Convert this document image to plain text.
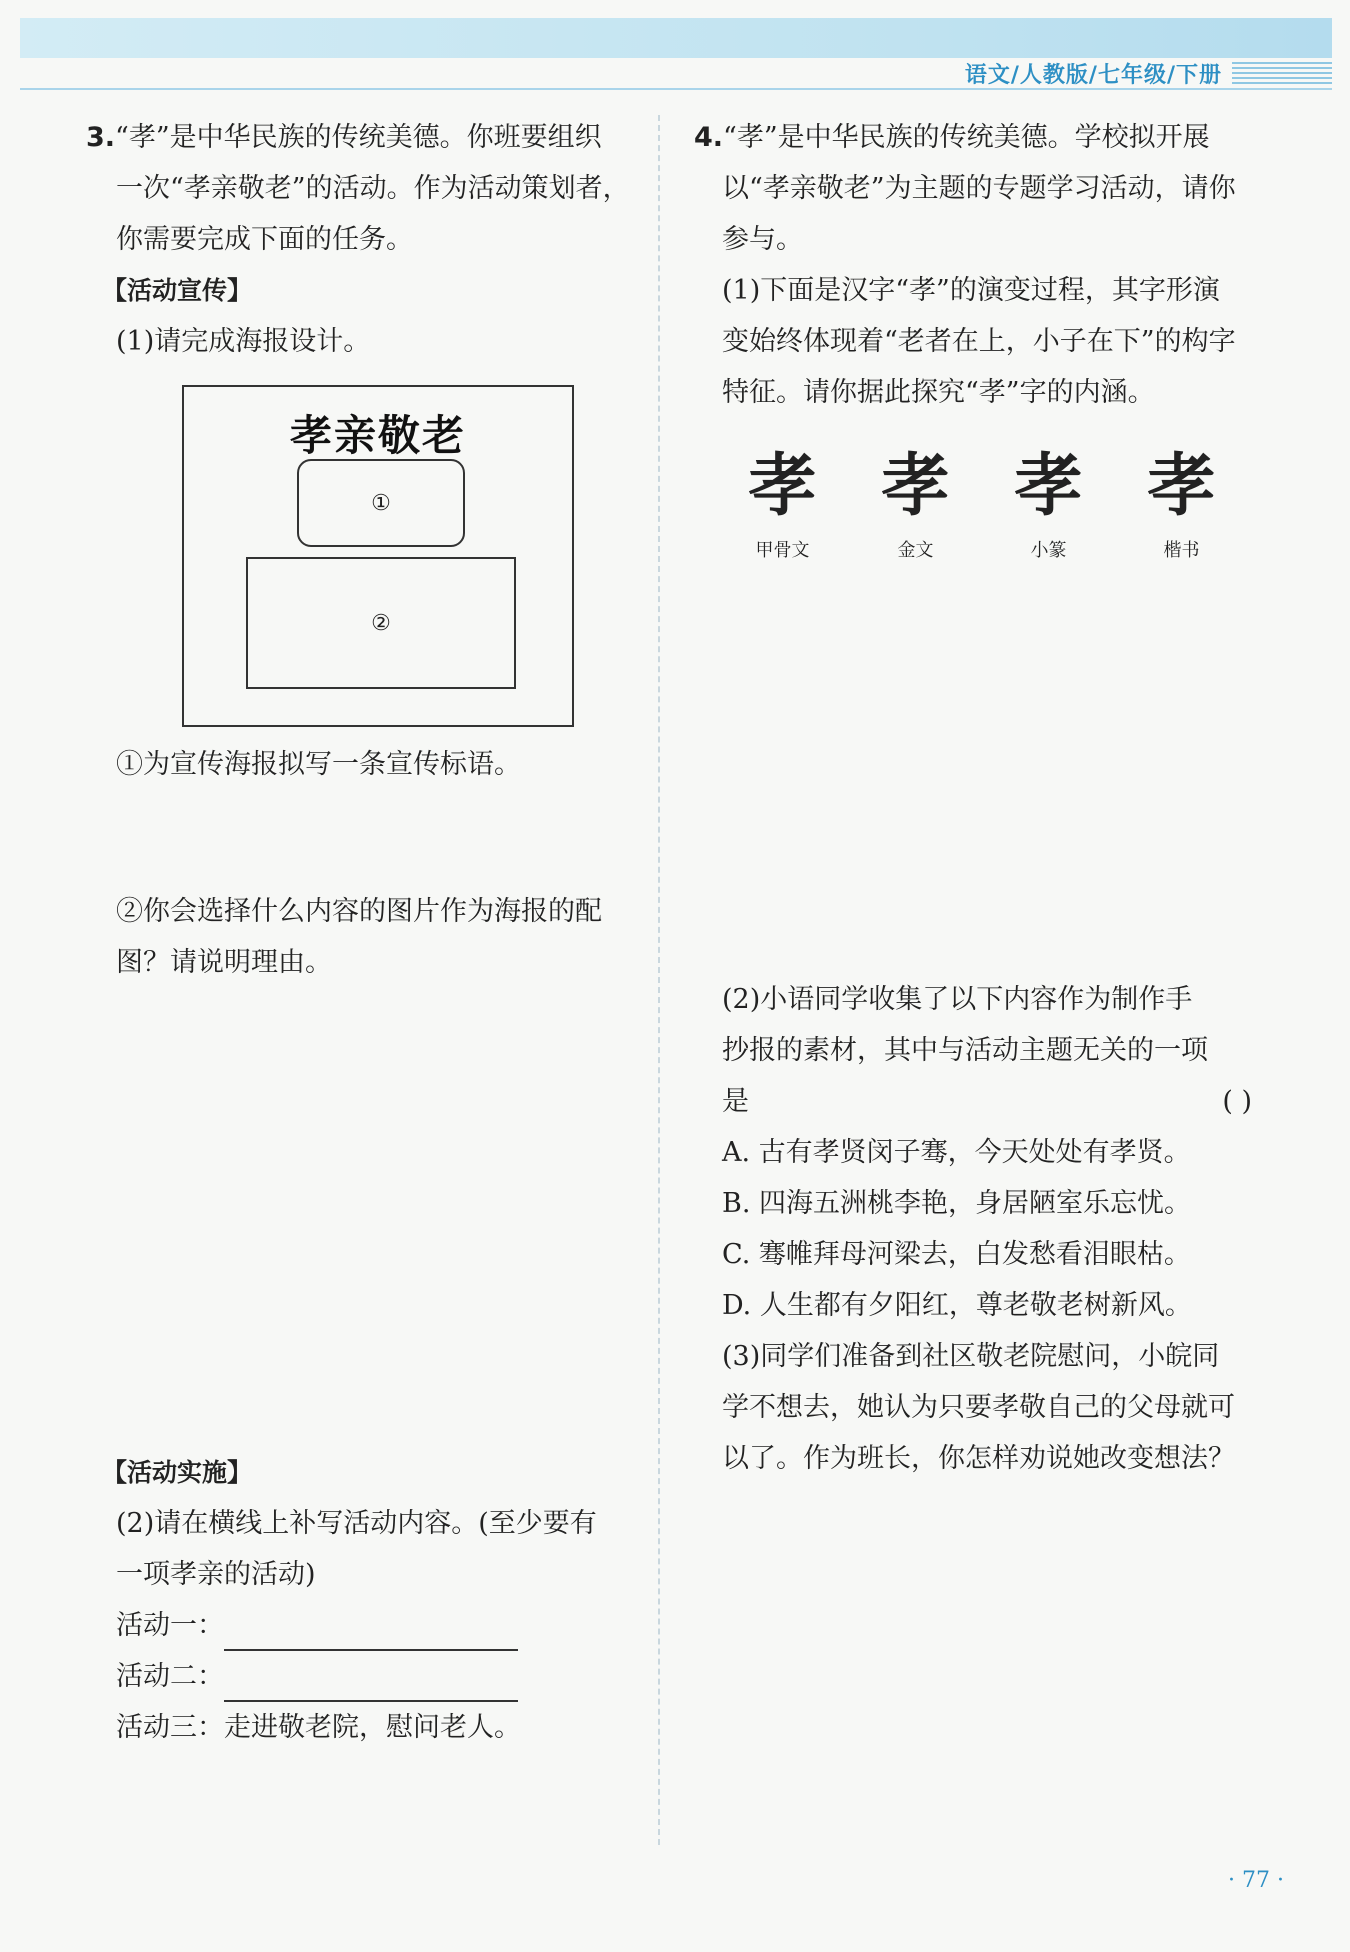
语文/人教版/七年级/下册

3.“孝”是中华民族的传统美德。你班要组织

一次“孝亲敬老”的活动。作为活动策划者，

你需要完成下面的任务。

【活动宣传】

(1)请完成海报设计。

孝亲敬老
①
②

①为宣传海报拟写一条宣传标语。

②你会选择什么内容的图片作为海报的配

图？请说明理由。

【活动实施】

(2)请在横线上补写活动内容。(至少要有

一项孝亲的活动)

活动一：

活动二：

活动三：走进敬老院，慰问老人。

4.“孝”是中华民族的传统美德。学校拟开展

以“孝亲敬老”为主题的专题学习活动，请你

参与。

(1)下面是汉字“孝”的演变过程，其字形演

变始终体现着“老者在上，小子在下”的构字

特征。请你据此探究“孝”字的内涵。

孝
甲骨文
孝
金文
孝
小篆
孝
楷书

(2)小语同学收集了以下内容作为制作手

抄报的素材，其中与活动主题无关的一项

是	( )

A. 古有孝贤闵子骞，今天处处有孝贤。

B. 四海五洲桃李艳，身居陋室乐忘忧。

C. 骞帷拜母河梁去，白发愁看泪眼枯。

D. 人生都有夕阳红，尊老敬老树新风。

(3)同学们准备到社区敬老院慰问，小皖同

学不想去，她认为只要孝敬自己的父母就可

以了。作为班长，你怎样劝说她改变想法？

· 77 ·
